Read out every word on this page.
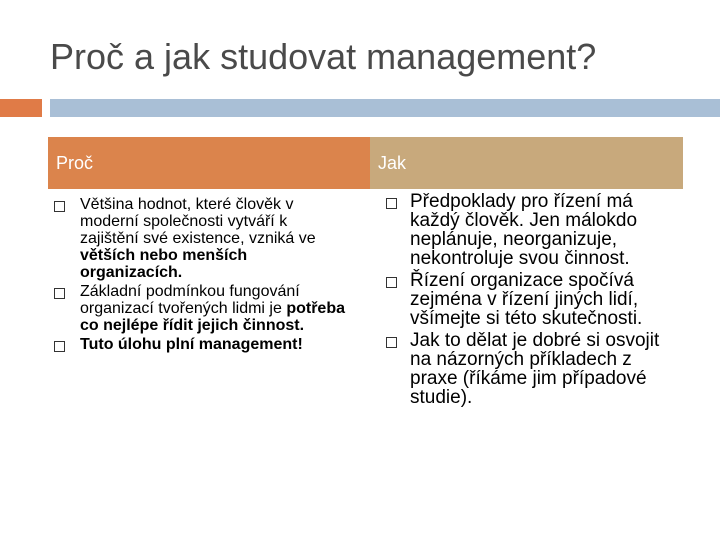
Proč a jak studovat management?
Proč	Jak
Většina hodnot, které člověk v moderní společnosti vytváří k zajištění své existence, vzniká ve větších nebo menších organizacích.
Základní podmínkou fungování organizací tvořených lidmi je potřeba co nejlépe řídit jejich činnost.
Tuto úlohu plní management!
Předpoklady pro řízení má každý člověk. Jen málokdo neplánuje, neorganizuje, nekontroluje svou činnost.
Řízení organizace spočívá zejména v řízení jiných lidí, všímejte si této skutečnosti.
Jak to dělat je dobré si osvojit na názorných příkladech z praxe (říkáme jim případové studie).
